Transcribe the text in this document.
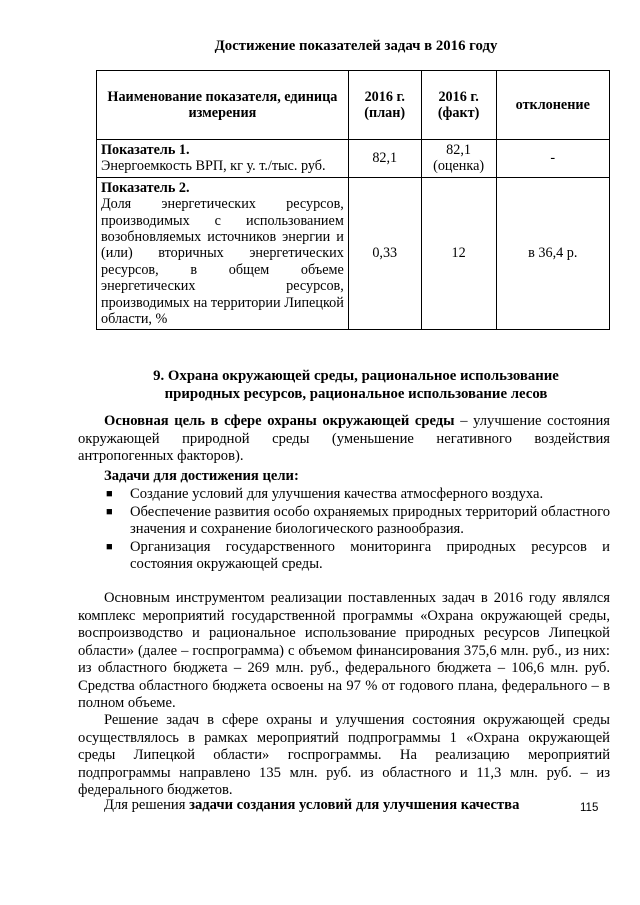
Достижение показателей задач в 2016 году
Наименование показателя, единица измерения	2016 г. (план)	2016 г. (факт)	отклонение

Показатель 1.
Энергоемкость ВРП, кг у. т./тыс. руб.	82,1	82,1 (оценка)	-

Показатель 2.
Доля энергетических ресурсов, производимых с использованием возобновляемых источников энергии и (или) вторичных энергетических ресурсов, в общем объеме энергетических ресурсов, производимых на территории Липецкой области, %	0,33	12	в 36,4 р.
9. Охрана окружающей среды, рациональное использование
природных ресурсов, рациональное использование лесов
Основная цель в сфере охраны окружающей среды – улучшение состояния окружающей природной среды (уменьшение негативного воздействия антропогенных факторов).
Задачи для достижения цели:
■ Создание условий для улучшения качества атмосферного воздуха.
■ Обеспечение развития особо охраняемых природных территорий областного значения и сохранение биологического разнообразия.
■ Организация государственного мониторинга природных ресурсов и состояния окружающей среды.
Основным инструментом реализации поставленных задач в 2016 году являлся комплекс мероприятий государственной программы «Охрана окружающей среды, воспроизводство и рациональное использование природных ресурсов Липецкой области» (далее – госпрограмма) с объемом финансирования 375,6 млн. руб., из них: из областного бюджета – 269 млн. руб., федерального бюджета – 106,6 млн. руб. Средства областного бюджета освоены на 97 % от годового плана, федерального – в полном объеме.
Решение задач в сфере охраны и улучшения состояния окружающей среды осуществлялось в рамках мероприятий подпрограммы 1 «Охрана окружающей среды Липецкой области» госпрограммы. На реализацию мероприятий подпрограммы направлено 135 млн. руб. из областного и 11,3 млн. руб. – из федерального бюджетов.
Для решения задачи создания условий для улучшения качества	115
